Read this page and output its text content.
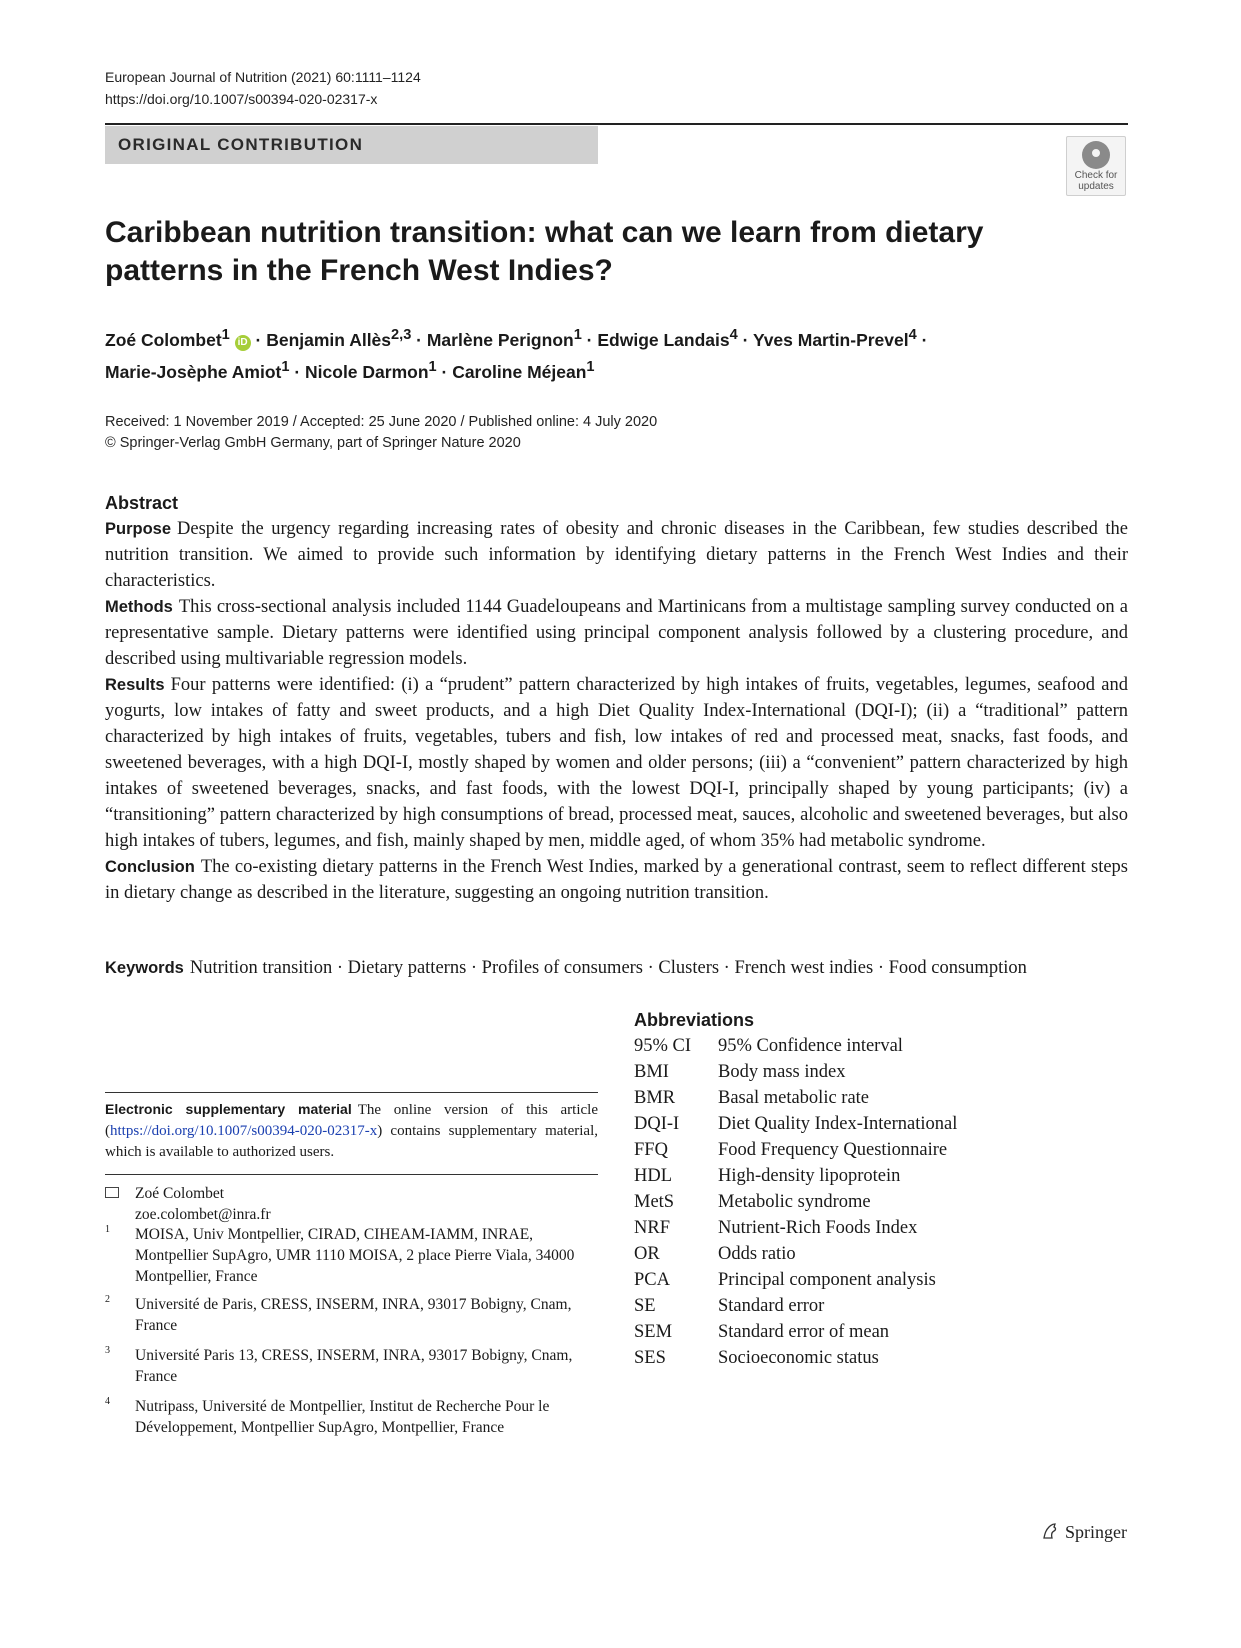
European Journal of Nutrition (2021) 60:1111–1124
https://doi.org/10.1007/s00394-020-02317-x
ORIGINAL CONTRIBUTION
Check for
updates
Caribbean nutrition transition: what can we learn from dietary
patterns in the French West Indies?
Zoé Colombet$^1$ iD · Benjamin Allès$^{2,3}$ · Marlène Perignon$^1$ · Edwige Landais$^4$ · Yves Martin-Prevel$^4$ ·
Marie-Josèphe Amiot$^1$ · Nicole Darmon$^1$ · Caroline Méjean$^1$
Received: 1 November 2019 / Accepted: 25 June 2020 / Published online: 4 July 2020
© Springer-Verlag GmbH Germany, part of Springer Nature 2020
Abstract

Purpose Despite the urgency regarding increasing rates of obesity and chronic diseases in the Caribbean, few studies described the nutrition transition. We aimed to provide such information by identifying dietary patterns in the French West Indies and their characteristics.

Methods This cross-sectional analysis included 1144 Guadeloupeans and Martinicans from a multistage sampling survey conducted on a representative sample. Dietary patterns were identified using principal component analysis followed by a clustering procedure, and described using multivariable regression models.

Results Four patterns were identified: (i) a “prudent” pattern characterized by high intakes of fruits, vegetables, legumes, seafood and yogurts, low intakes of fatty and sweet products, and a high Diet Quality Index-International (DQI-I); (ii) a “traditional” pattern characterized by high intakes of fruits, vegetables, tubers and fish, low intakes of red and processed meat, snacks, fast foods, and sweetened beverages, with a high DQI-I, mostly shaped by women and older persons; (iii) a “convenient” pattern characterized by high intakes of sweetened beverages, snacks, and fast foods, with the lowest DQI-I, principally shaped by young participants; (iv) a “transitioning” pattern characterized by high consumptions of bread, processed meat, sauces, alcoholic and sweetened beverages, but also high intakes of tubers, legumes, and fish, mainly shaped by men, middle aged, of whom 35% had metabolic syndrome.

Conclusion The co-existing dietary patterns in the French West Indies, marked by a generational contrast, seem to reflect different steps in dietary change as described in the literature, suggesting an ongoing nutrition transition.

Keywords Nutrition transition · Dietary patterns · Profiles of consumers · Clusters · French west indies · Food consumption
Abbreviations
95% CI	95% Confidence interval
BMI	Body mass index
BMR	Basal metabolic rate
DQI-I	Diet Quality Index-International
FFQ	Food Frequency Questionnaire
HDL	High-density lipoprotein
MetS	Metabolic syndrome
NRF	Nutrient-Rich Foods Index
OR	Odds ratio
PCA	Principal component analysis
SE	Standard error
SEM	Standard error of mean
SES	Socioeconomic status
Electronic supplementary material The online version of this article (https://doi.org/10.1007/s00394-020-02317-x) contains supplementary material, which is available to authorized users.
Zoé Colombet
zoe.colombet@inra.fr
1 MOISA, Univ Montpellier, CIRAD, CIHEAM-IAMM, INRAE, Montpellier SupAgro, UMR 1110 MOISA, 2 place Pierre Viala, 34000 Montpellier, France
2 Université de Paris, CRESS, INSERM, INRA, 93017 Bobigny, Cnam, France
3 Université Paris 13, CRESS, INSERM, INRA, 93017 Bobigny, Cnam, France
4 Nutripass, Université de Montpellier, Institut de Recherche Pour le Développement, Montpellier SupAgro, Montpellier, France
Springer
